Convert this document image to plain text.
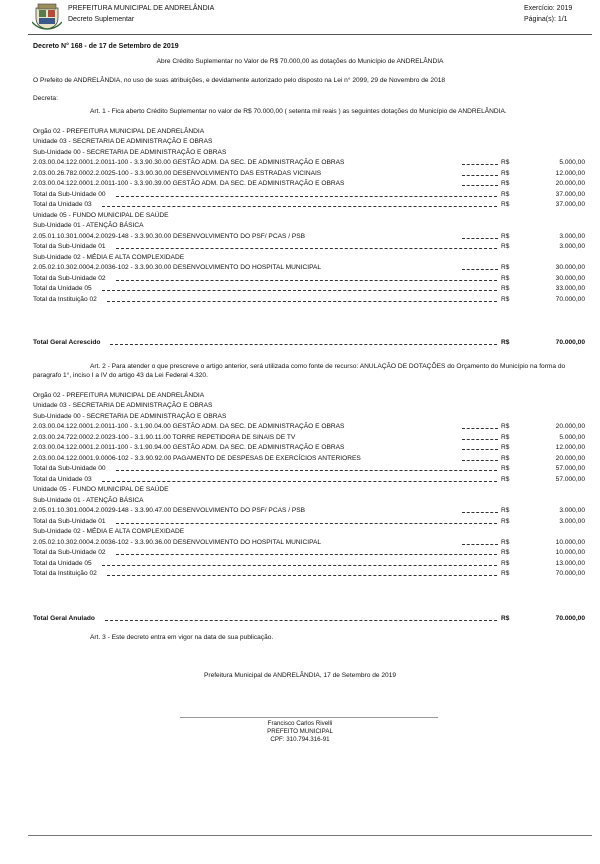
PREFEITURA MUNICIPAL DE ANDRELÂNDIA
Decreto Suplementar
Exercício: 2019
Página(s): 1/1
Decreto N° 168 - de 17 de Setembro de 2019
Abre Crédito Suplementar no Valor de R$ 70.000,00 as dotações do Município de ANDRELÂNDIA
O Prefeito de ANDRELÂNDIA, no uso de suas atribuições, e devidamente autorizado pelo disposto na Lei n° 2099, 29 de Novembro de 2018
Decreta:
Art. 1 - Fica aberto Crédito Suplementar no valor de R$ 70.000,00 ( setenta mil reais ) as seguintes dotações do Município de ANDRELÂNDIA.
Orgão 02 - PREFEITURA MUNICIPAL DE ANDRELÂNDIA
Unidade 03 - SECRETARIA DE ADMINISTRAÇÃO E OBRAS
Sub-Unidade 00 - SECRETARIA DE ADMINISTRAÇÃO E OBRAS
2.03.00.04.122.0001.2.0011-100 - 3.3.90.30.00 GESTÃO ADM. DA SEC. DE ADMINISTRAÇÃO E OBRAS	R$	5.000,00
2.03.00.26.782.0002.2.0025-100 - 3.3.90.30.00 DESENVOLVIMENTO DAS ESTRADAS VICINAIS	R$	12.000,00
2.03.00.04.122.0001.2.0011-100 - 3.3.90.39.00 GESTÃO ADM. DA SEC. DE ADMINISTRAÇÃO E OBRAS	R$	20.000,00
Total da Sub-Unidade 00	R$	37.000,00
Total da Unidade 03	R$	37.000,00
Unidade 05 - FUNDO MUNICIPAL DE SAÚDE
Sub-Unidade 01 - ATENÇÃO BÁSICA
2.05.01.10.301.0004.2.0029-148 - 3.3.90.30.00 DESENVOLVIMENTO DO PSF/ PCAS / PSB	R$	3.000,00
Total da Sub-Unidade 01	R$	3.000,00
Sub-Unidade 02 - MÉDIA E ALTA COMPLEXIDADE
2.05.02.10.302.0004.2.0036-102 - 3.3.90.30.00 DESENVOLVIMENTO DO HOSPITAL MUNICIPAL	R$	30.000,00
Total da Sub-Unidade 02	R$	30.000,00
Total da Unidade 05	R$	33.000,00
Total da Instituição 02	R$	70.000,00
Total Geral Acrescido	R$	70.000,00
Art. 2 - Para atender o que prescreve o artigo anterior, será utilizada como fonte de recurso: ANULAÇÃO DE DOTAÇÕES do Orçamento do Município na forma do paragrafo 1°, inciso I a IV do artigo 43 da Lei Federal 4.320.
Orgão 02 - PREFEITURA MUNICIPAL DE ANDRELÂNDIA
Unidade 03 - SECRETARIA DE ADMINISTRAÇÃO E OBRAS
Sub-Unidade 00 - SECRETARIA DE ADMINISTRAÇÃO E OBRAS
2.03.00.04.122.0001.2.0011-100 - 3.1.90.04.00 GESTÃO ADM. DA SEC. DE ADMINISTRAÇÃO E OBRAS	R$	20.000,00
2.03.00.24.722.0002.2.0023-100 - 3.1.90.11.00 TORRE REPETIDORA DE SINAIS DE TV	R$	5.000,00
2.03.00.04.122.0001.2.0011-100 - 3.1.90.94.00 GESTÃO ADM. DA SEC. DE ADMINISTRAÇÃO E OBRAS	R$	12.000,00
2.03.00.04.122.0001.9.0006-102 - 3.3.90.92.00 PAGAMENTO DE DESPESAS DE EXERCÍCIOS ANTERIORES	R$	20.000,00
Total da Sub-Unidade 00	R$	57.000,00
Total da Unidade 03	R$	57.000,00
Unidade 05 - FUNDO MUNICIPAL DE SAÚDE
Sub-Unidade 01 - ATENÇÃO BÁSICA
2.05.01.10.301.0004.2.0029-148 - 3.3.90.47.00 DESENVOLVIMENTO DO PSF/ PCAS / PSB	R$	3.000,00
Total da Sub-Unidade 01	R$	3.000,00
Sub-Unidade 02 - MÉDIA E ALTA COMPLEXIDADE
2.05.02.10.302.0004.2.0036-102 - 3.3.90.36.00 DESENVOLVIMENTO DO HOSPITAL MUNICIPAL	R$	10.000,00
Total da Sub-Unidade 02	R$	10.000,00
Total da Unidade 05	R$	13.000,00
Total da Instituição 02	R$	70.000,00
Total Geral Anulado	R$	70.000,00
Art. 3 - Este decreto entra em vigor na data de sua publicação.
Prefeitura Municipal de ANDRELÂNDIA, 17 de Setembro de 2019
Francisco Carlos Rivelli
PREFEITO MUNICIPAL
CPF: 310.794.316-91
